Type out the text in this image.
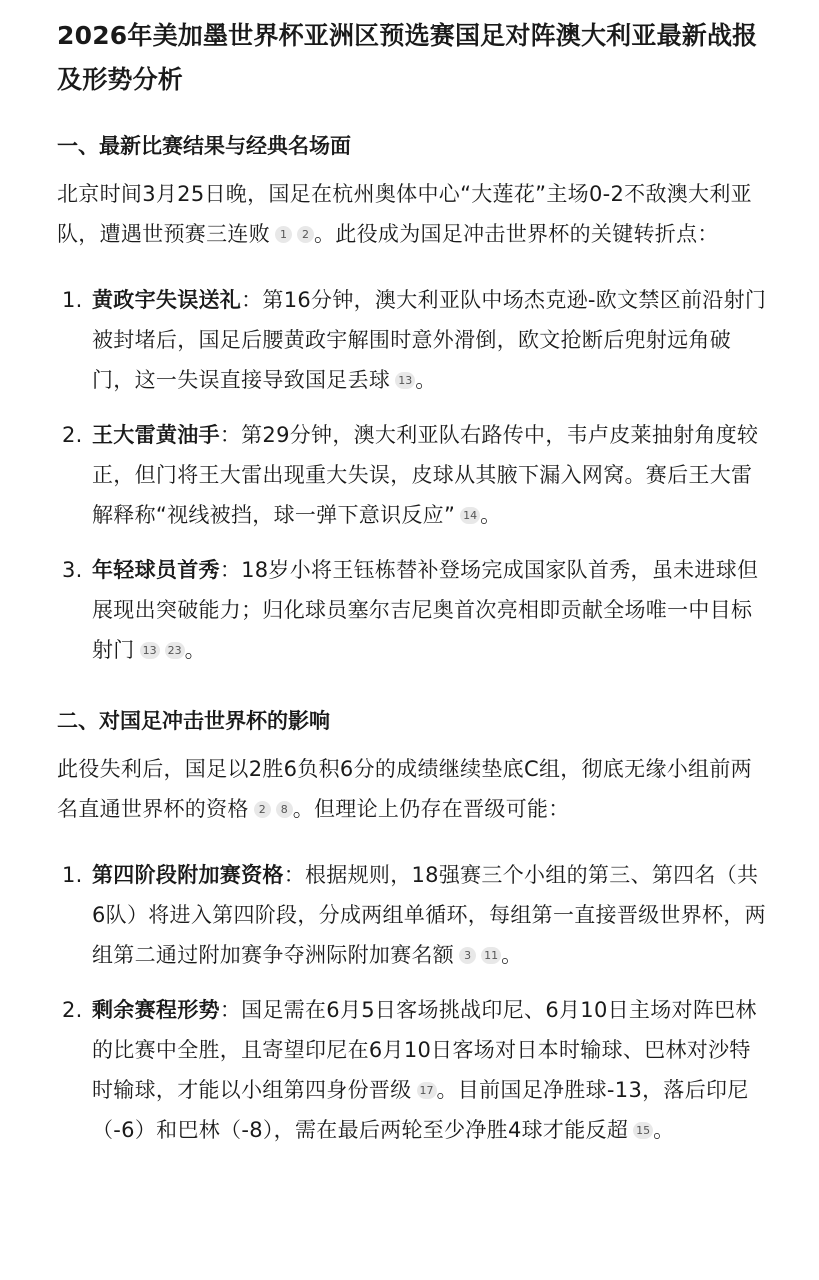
2026年美加墨世界杯亚洲区预选赛国足对阵澳大利亚最新战报及形势分析
一、最新比赛结果与经典名场面

北京时间3月25日晚，国足在杭州奥体中心“大莲花”主场0-2不敌澳大利亚队，遭遇世预赛三连败 1 2 。此役成为国足冲击世界杯的关键转折点：

1. 黄政宇失误送礼：第16分钟，澳大利亚队中场杰克逊-欧文禁区前沿射门被封堵后，国足后腰黄政宇解围时意外滑倒，欧文抢断后兜射远角破门，这一失误直接导致国足丢球 13 。
2. 王大雷黄油手：第29分钟，澳大利亚队右路传中，韦卢皮莱抽射角度较正，但门将王大雷出现重大失误，皮球从其腋下漏入网窝。赛后王大雷解释称“视线被挡，球一弹下意识反应” 14 。
3. 年轻球员首秀：18岁小将王钰栋替补登场完成国家队首秀，虽未进球但展现出突破能力；归化球员塞尔吉尼奥首次亮相即贡献全场唯一中目标射门 13 23 。
二、对国足冲击世界杯的影响

此役失利后，国足以2胜6负积6分的成绩继续垫底C组，彻底无缘小组前两名直通世界杯的资格 2 8 。但理论上仍存在晋级可能：

1. 第四阶段附加赛资格：根据规则，18强赛三个小组的第三、第四名（共6队）将进入第四阶段，分成两组单循环，每组第一直接晋级世界杯，两组第二通过附加赛争夺洲际附加赛名额 3 11 。
2. 剩余赛程形势：国足需在6月5日客场挑战印尼、6月10日主场对阵巴林的比赛中全胜，且寄望印尼在6月10日客场对日本时输球、巴林对沙特时输球，才能以小组第四身份晋级 17 。目前国足净胜球-13，落后印尼（-6）和巴林（-8），需在最后两轮至少净胜4球才能反超 15 。
